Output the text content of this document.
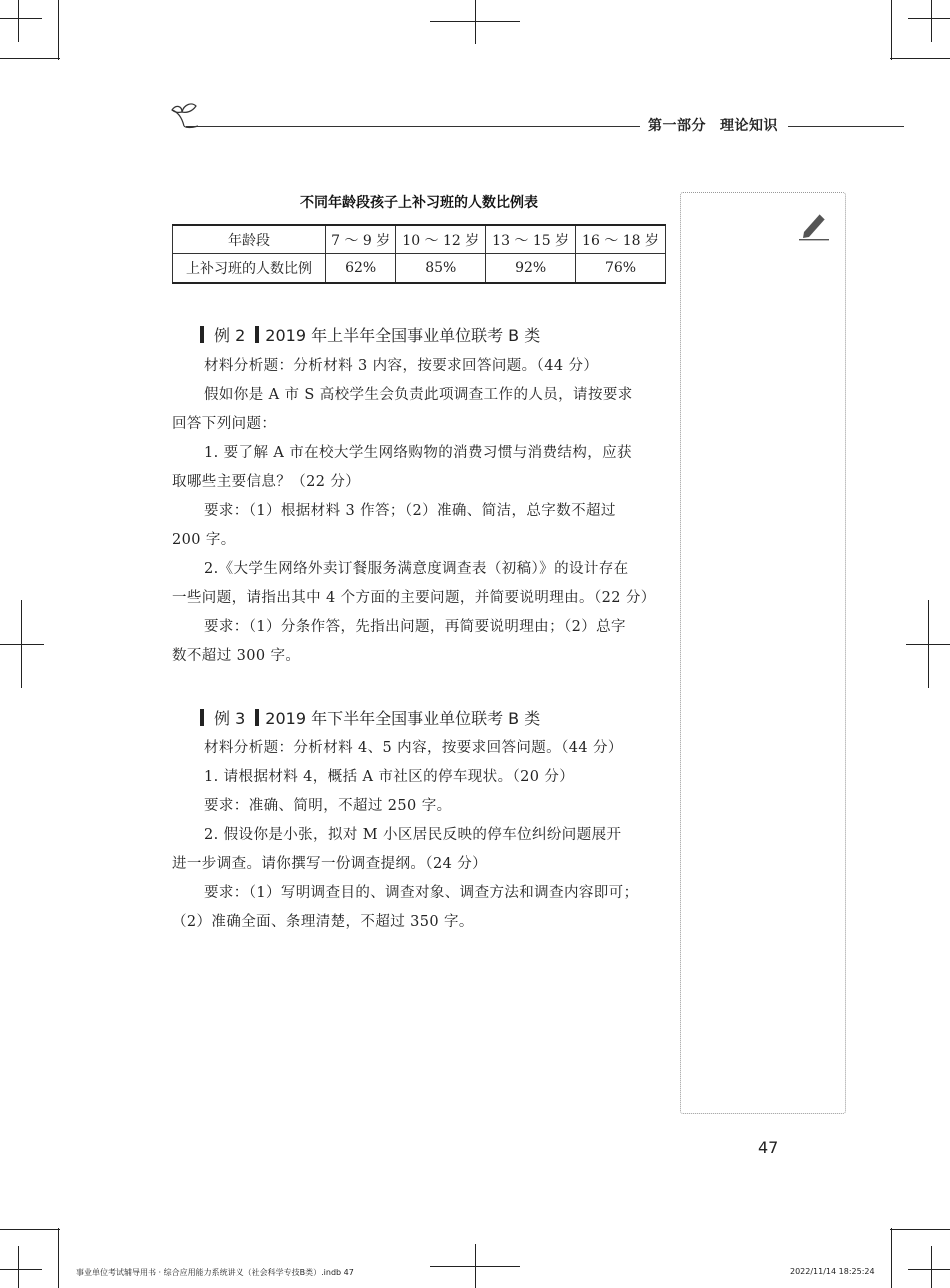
第一部分 理论知识
不同年龄段孩子上补习班的人数比例表
年龄段	7 ～ 9 岁	10 ～ 12 岁	13 ～ 15 岁	16 ～ 18 岁
上补习班的人数比例	62%	85%	92%	76%
例 2 2019 年上半年全国事业单位联考 B 类
材料分析题：分析材料 3 内容，按要求回答问题。（44 分）
假如你是 A 市 S 高校学生会负责此项调查工作的人员，请按要求
回答下列问题：
1. 要了解 A 市在校大学生网络购物的消费习惯与消费结构，应获
取哪些主要信息？（22 分）
要求：（1）根据材料 3 作答；（2）准确、简洁，总字数不超过
200 字。
2.《大学生网络外卖订餐服务满意度调查表（初稿）》的设计存在
一些问题，请指出其中 4 个方面的主要问题，并简要说明理由。（22 分）
要求：（1）分条作答，先指出问题，再简要说明理由；（2）总字
数不超过 300 字。
例 3 2019 年下半年全国事业单位联考 B 类
材料分析题：分析材料 4、5 内容，按要求回答问题。（44 分）
1. 请根据材料 4，概括 A 市社区的停车现状。（20 分）
要求：准确、简明，不超过 250 字。
2. 假设你是小张，拟对 M 小区居民反映的停车位纠纷问题展开
进一步调查。请你撰写一份调查提纲。（24 分）
要求：（1）写明调查目的、调查对象、调查方法和调查内容即可；
（2）准确全面、条理清楚，不超过 350 字。
47
事业单位考试辅导用书 · 综合应用能力系统讲义（社会科学专技B类）.indb 47	2022/11/14 18:25:24
